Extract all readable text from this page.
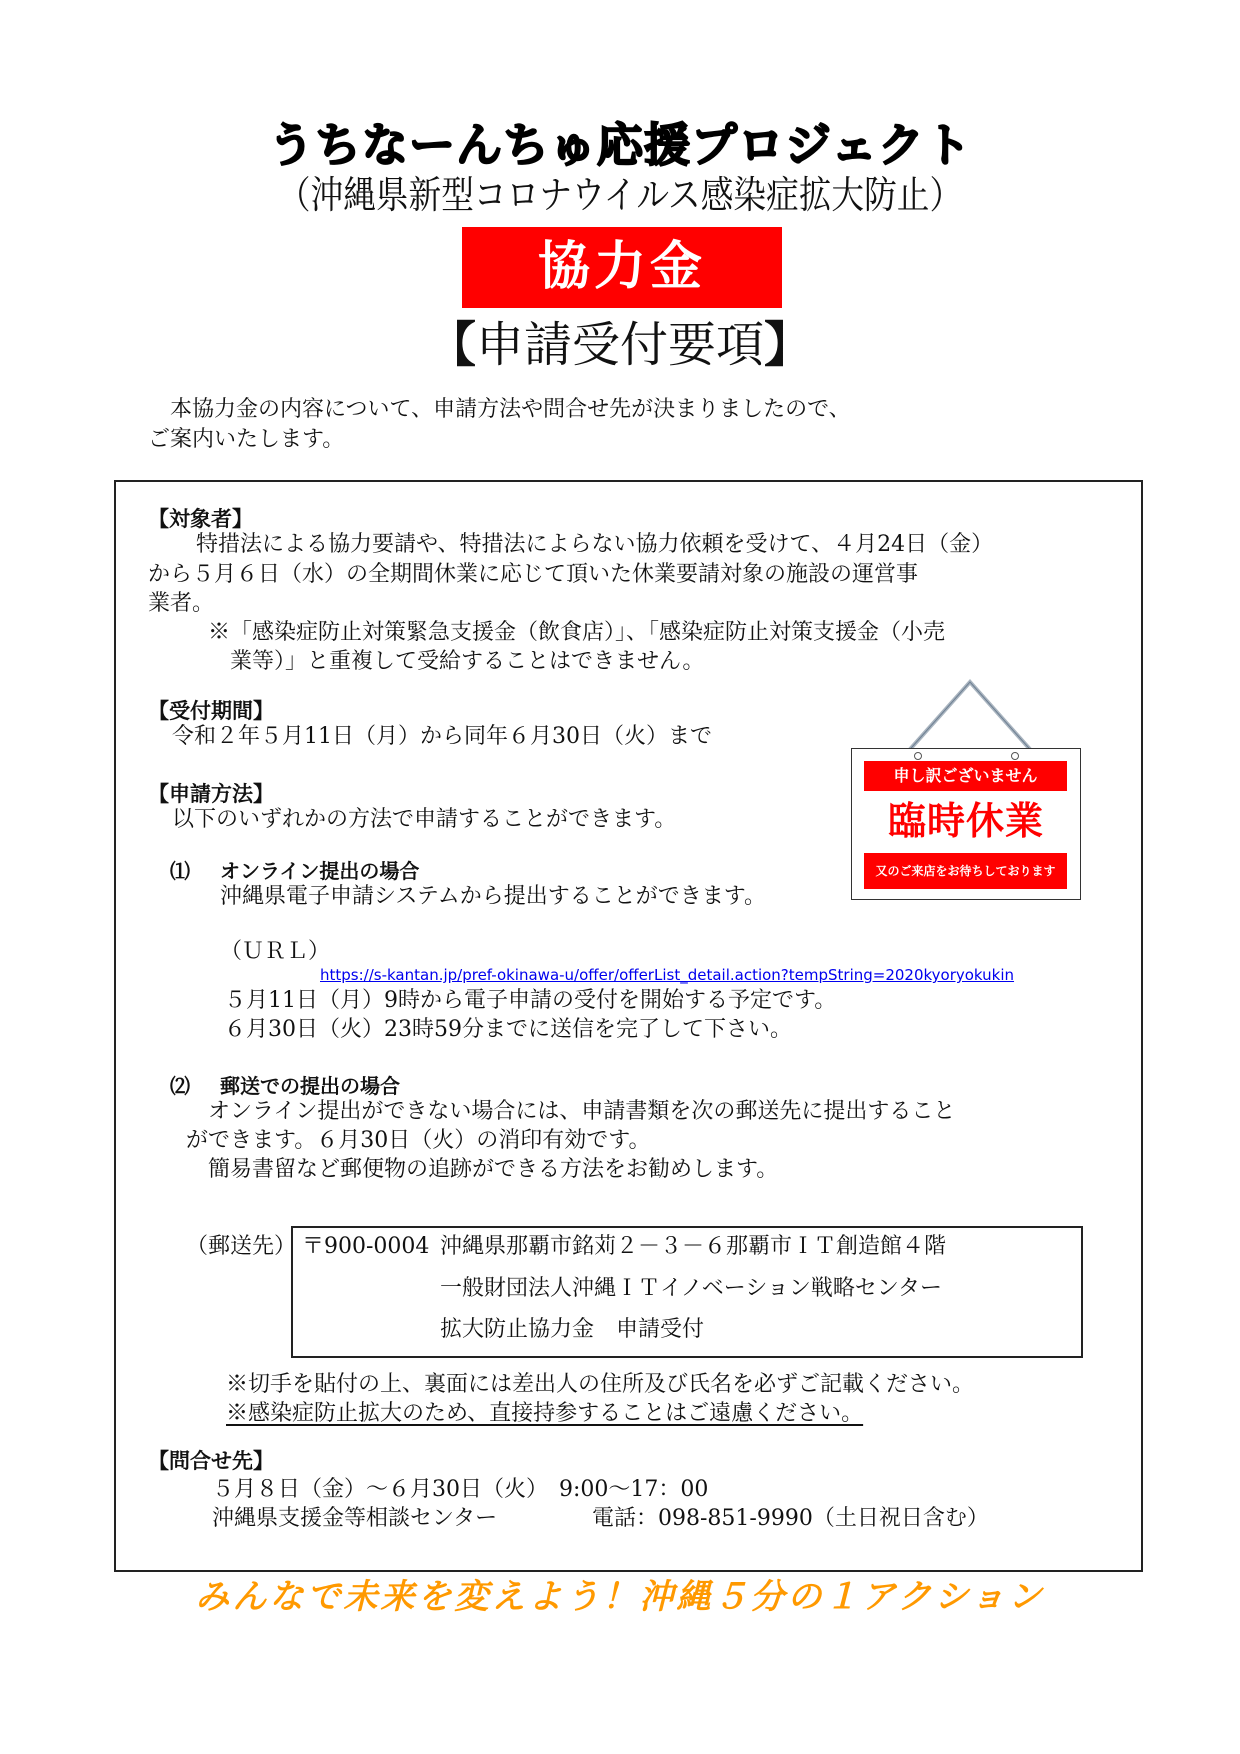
うちなーんちゅ応援プロジェクト
（沖縄県新型コロナウイルス感染症拡大防止）
協力金
【申請受付要項】

本協力金の内容について、申請方法や問合せ先が決まりましたので、

ご案内いたします。

【対象者】
特措法による協力要請や、特措法によらない協力依頼を受けて、４月24日（金）
から５月６日（水）の全期間休業に応じて頂いた休業要請対象の施設の運営事
業者。
※「感染症防止対策緊急支援金（飲食店）」、「感染症防止対策支援金（小売
業等）」と重複して受給することはできません。
【受付期間】
令和２年５月11日（月）から同年６月30日（火）まで
【申請方法】
以下のいずれかの方法で申請することができます。
⑴ オンライン提出の場合
沖縄県電子申請システムから提出することができます。
（ＵＲＬ）
https://s-kantan.jp/pref-okinawa-u/offer/offerList_detail.action?tempString=2020kyoryokukin
５月11日（月）9時から電子申請の受付を開始する予定です。
６月30日（火）23時59分までに送信を完了して下さい。
⑵ 郵送での提出の場合
オンライン提出ができない場合には、申請書類を次の郵送先に提出すること
ができます。６月30日（火）の消印有効です。
簡易書留など郵便物の追跡ができる方法をお勧めします。
（郵送先） 〒900-0004 沖縄県那覇市銘苅２－３－６那覇市ＩＴ創造館４階
一般財団法人沖縄ＩＴイノベーション戦略センター
拡大防止協力金　申請受付
※切手を貼付の上、裏面には差出人の住所及び氏名を必ずご記載ください。
※感染症防止拡大のため、直接持参することはご遠慮ください。
【問合せ先】
５月８日（金）～６月30日（火）　9:00～17：00
沖縄県支援金等相談センター	電話：098-851-9990（土日祝日含む）
申し訳ございません
臨時休業
又のご来店をお待ちしております
みんなで未来を変えよう！沖縄５分の１アクション
